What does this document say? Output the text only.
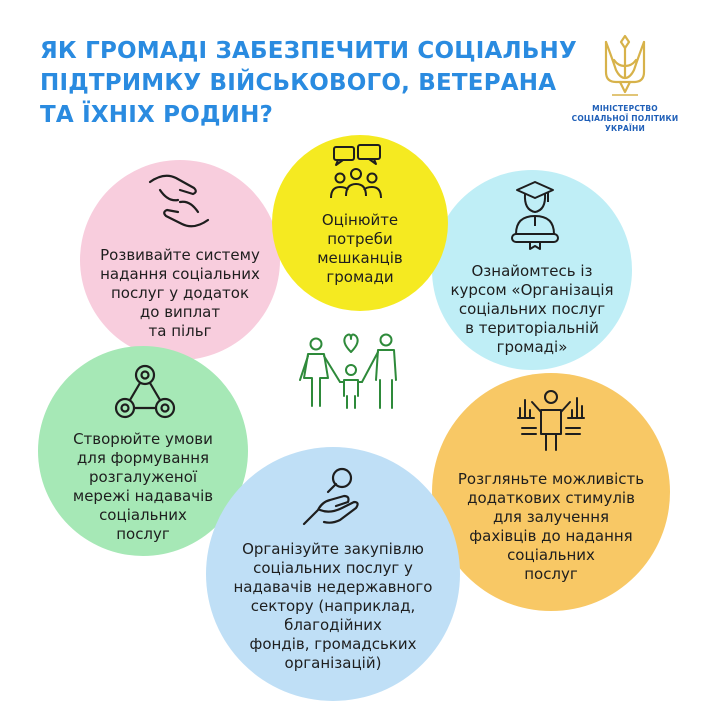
ЯК ГРОМАДІ ЗАБЕЗПЕЧИТИ СОЦІАЛЬНУ
ПІДТРИМКУ ВІЙСЬКОВОГО, ВЕТЕРАНА
ТА ЇХНІХ РОДИН?	МІНІСТЕРСТВО
СОЦІАЛЬНОЇ ПОЛІТИКИ
УКРАЇНИ
Розвивайте систему
надання соціальних
послуг у додаток
до виплат
та пільг
Оцінюйте
потреби
мешканців
громади	Ознайомтесь із
курсом «Організація
соціальних послуг
в територіальній
громаді»
Створюйте умови
для формування
розгалуженої
мережі надавачів
соціальних
послуг
Розгляньте можливість
додаткових стимулів
для залучення
фахівців до надання
соціальних
послуг
Організуйте закупівлю
соціальних послуг у
надавачів недержавного
сектору (наприклад,
благодійних
фондів, громадських
організацій)
